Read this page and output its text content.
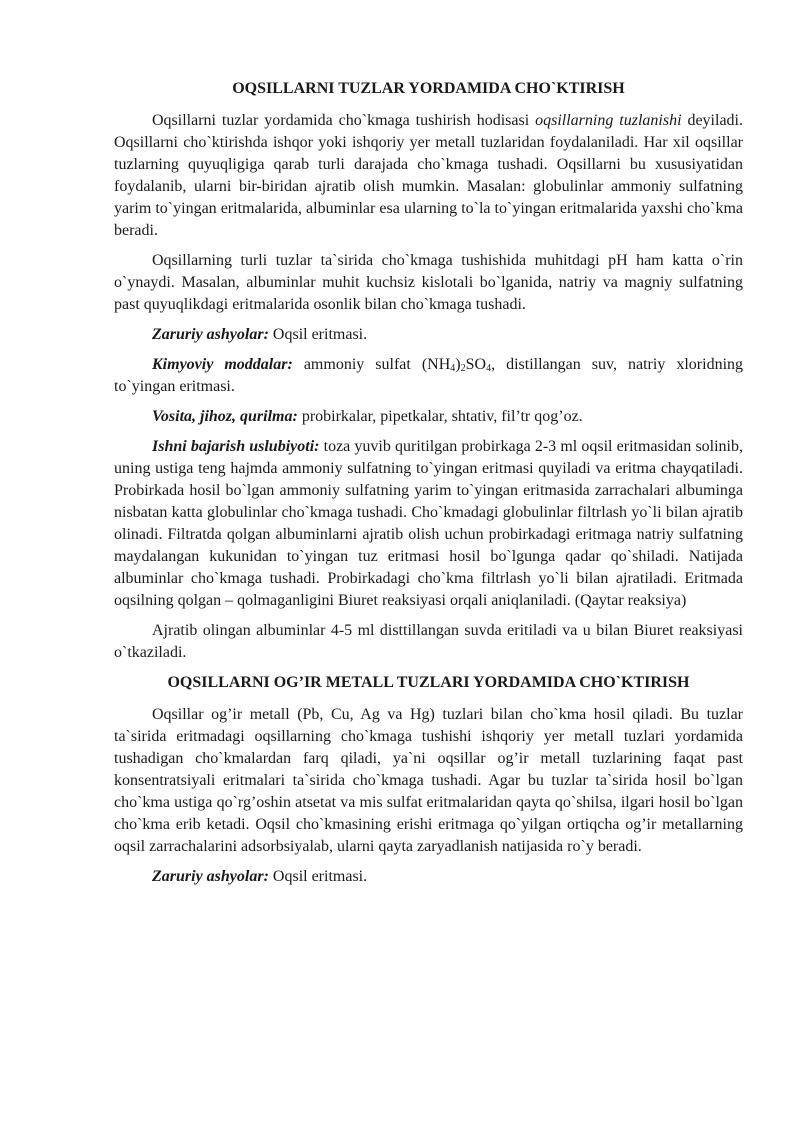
OQSILLARNI TUZLAR YORDAMIDA CHO`KTIRISH

Oqsillarni tuzlar yordamida cho`kmaga tushirish hodisasi oqsillarning tuzlanishi deyiladi. Oqsillarni cho`ktirishda ishqor yoki ishqoriy yer metall tuzlaridan foydalaniladi. Har xil oqsillar tuzlarning quyuqligiga qarab turli darajada cho`kmaga tushadi. Oqsillarni bu xususiyatidan foydalanib, ularni bir-biridan ajratib olish mumkin. Masalan: globulinlar ammoniy sulfatning yarim to`yingan eritmalarida, albuminlar esa ularning to`la to`yingan eritmalarida yaxshi cho`kma beradi.

Oqsillarning turli tuzlar ta`sirida cho`kmaga tushishida muhitdagi pH ham katta o`rin o`ynaydi. Masalan, albuminlar muhit kuchsiz kislotali bo`lganida, natriy va magniy sulfatning past quyuqlikdagi eritmalarida osonlik bilan cho`kmaga tushadi.

Zaruriy ashyolar: Oqsil eritmasi.

Kimyoviy moddalar: ammoniy sulfat $(NH_4)_2SO_4$, distillangan suv, natriy xloridning to`yingan eritmasi.

Vosita, jihoz, qurilma: probirkalar, pipetkalar, shtativ, fil’tr qog’oz.

Ishni bajarish uslubiyoti: toza yuvib quritilgan probirkaga 2-3 ml oqsil eritmasidan solinib, uning ustiga teng hajmda ammoniy sulfatning to`yingan eritmasi quyiladi va eritma chayqatiladi. Probirkada hosil bo`lgan ammoniy sulfatning yarim to`yingan eritmasida zarrachalari albuminga nisbatan katta globulinlar cho`kmaga tushadi. Cho`kmadagi globulinlar filtrlash yo`li bilan ajratib olinadi. Filtratda qolgan albuminlarni ajratib olish uchun probirkadagi eritmaga natriy sulfatning maydalangan kukunidan to`yingan tuz eritmasi hosil bo`lgunga qadar qo`shiladi. Natijada albuminlar cho`kmaga tushadi. Probirkadagi cho`kma filtrlash yo`li bilan ajratiladi. Eritmada oqsilning qolgan – qolmaganligini Biuret reaksiyasi orqali aniqlaniladi. (Qaytar reaksiya)

Ajratib olingan albuminlar 4-5 ml disttillangan suvda eritiladi va u bilan Biuret reaksiyasi o`tkaziladi.

OQSILLARNI OG’IR METALL TUZLARI YORDAMIDA CHO`KTIRISH

Oqsillar og’ir metall (Pb, Cu, Ag va Hg) tuzlari bilan cho`kma hosil qiladi. Bu tuzlar ta`sirida eritmadagi oqsillarning cho`kmaga tushishi ishqoriy yer metall tuzlari yordamida tushadigan cho`kmalardan farq qiladi, ya`ni oqsillar og’ir metall tuzlarining faqat past konsentratsiyali eritmalari ta`sirida cho`kmaga tushadi. Agar bu tuzlar ta`sirida hosil bo`lgan cho`kma ustiga qo`rg’oshin atsetat va mis sulfat eritmalaridan qayta qo`shilsa, ilgari hosil bo`lgan cho`kma erib ketadi. Oqsil cho`kmasining erishi eritmaga qo`yilgan ortiqcha og’ir metallarning oqsil zarrachalarini adsorbsiyalab, ularni qayta zaryadlanish natijasida ro`y beradi.

Zaruriy ashyolar: Oqsil eritmasi.
